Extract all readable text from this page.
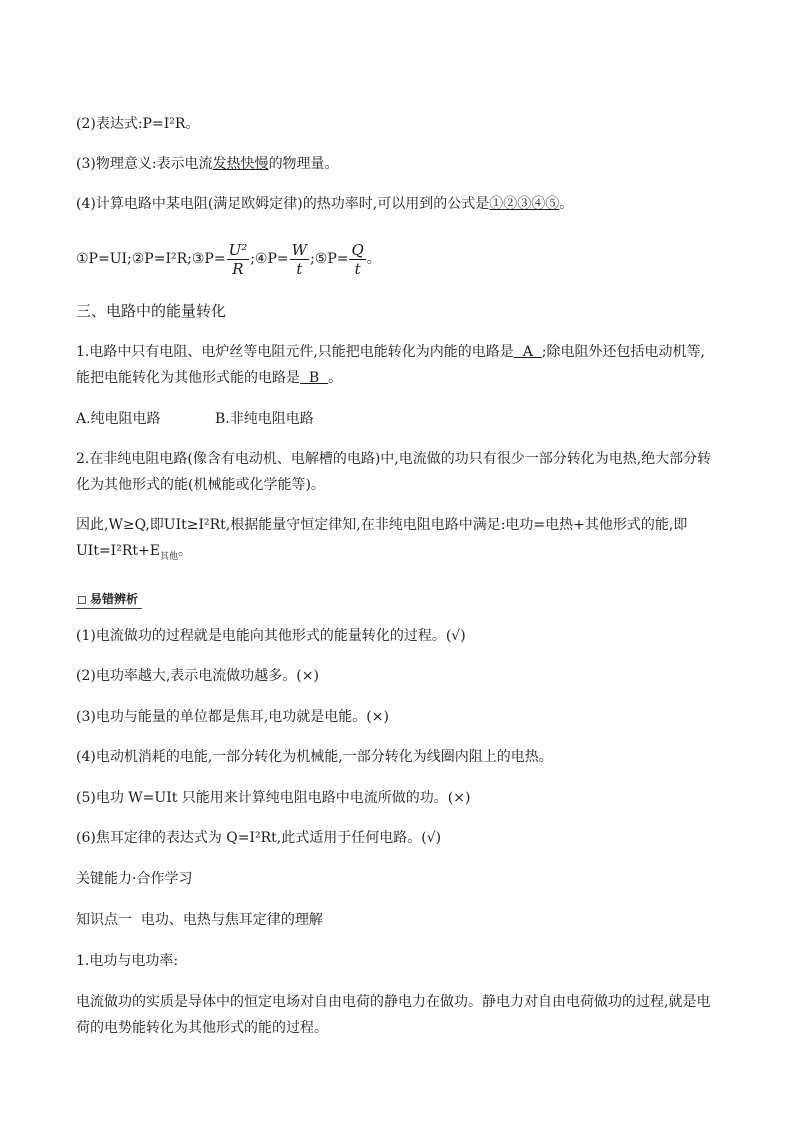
(2)表达式:P=I²R。
(3)物理意义:表示电流发热快慢的物理量。
(4)计算电路中某电阻(满足欧姆定律)的热功率时,可以用到的公式是①②③④⑤。
①P=UI;②P=I²R;③P= $\frac{\text{U²}}{R}$ ;④P= $\frac{W}{t}$ ;⑤P= $\frac{Q}{t}$ 。
三、电路中的能量转化
1.电路中只有电阻、电炉丝等电阻元件,只能把电能转化为内能的电路是  A  ;除电阻外还包括电动机等,
能把电能转化为其他形式能的电路是  B  。
A.纯电阻电路	B.非纯电阻电路
2.在非纯电阻电路(像含有电动机、电解槽的电路)中,电流做的功只有很少一部分转化为电热,绝大部分转
化为其他形式的能(机械能或化学能等)。
因此,W≥Q,即UIt≥I²Rt,根据能量守恒定律知,在非纯电阻电路中满足:电功=电热+其他形式的能,即
$UIt=I^2Rt+E_{其他}$。
易错辨析
(1)电流做功的过程就是电能向其他形式的能量转化的过程。(√)
(2)电功率越大,表示电流做功越多。(×)
(3)电功与能量的单位都是焦耳,电功就是电能。(×)
(4)电动机消耗的电能,一部分转化为机械能,一部分转化为线圈内阻上的电热。
(5)电功 W=UIt 只能用来计算纯电阻电路中电流所做的功。(×)
(6)焦耳定律的表达式为 Q=I²Rt,此式适用于任何电路。(√)
关键能力·合作学习
知识点一  电功、电热与焦耳定律的理解
1.电功与电功率:
电流做功的实质是导体中的恒定电场对自由电荷的静电力在做功。静电力对自由电荷做功的过程,就是电
荷的电势能转化为其他形式的能的过程。
